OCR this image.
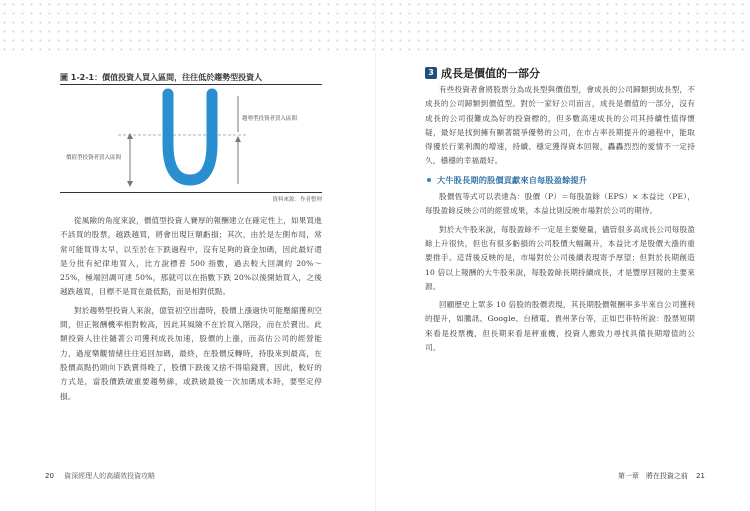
圖 1-2-1：價值投資人買入區間，往往低於趨勢型投資人
趨勢型投資者買入區間
價值型投資者買入區間
資料來源：作者整理

從風險的角度來說，價值型投資人賽厚的報酬建立在確定性上，如果買進不該買的股票，越跌越買，將會出現巨額虧損；其次，由於是左側布局，常常可能買得太早，以至於在下跌過程中，沒有足夠的資金加碼，因此最好還是分批有紀律地買入，比方說標普 500 指數，過去較大回調約 20%～ 25%，極端回調可達 50%，那就可以在指數下跌 20%以後開始買入，之後越跌越買，目標不是買在最低點，而是相對低點。

對於趨勢型投資人來說，億管初空出盡時，股價上漲過快可能壓縮獲利空間，但正報酬機率相對較高，因此其風險不在於買入階段，而在於賣出。此類投資人往往隨著公司獲利成長加速，股價的上漲，而高估公司的經營能力，過度樂觀情緒往往追回加碼，最終，在股價反轉時，持股來到最高，在股價高點扔頭向下跌賣得晚了，股價下跌後又捨不得賠錢賣，因此，較好的方式是，當股價跌破重要趨勢線，或跌破最後一次加碼成本時，要堅定停損。

20 資深經理人的高績效投資攻略
3 成長是價值的一部分

有些投資者會將股票分為成長型與價值型，會成長的公司歸類到成長型，不成長的公司歸類到價值型。對於一家好公司而言，成長是價值的一部分，沒有成長的公司很難成為好的投資標的，但多數高速成長的公司其持續性值得懷疑，最好是找到擁有顯著競爭優勢的公司，在市占率長期提升的過程中，能取得優於行業利潤的增速，持續、穩定獲得資本回報，轟轟烈烈的愛情不一定持久，穩穩的幸福最好。

大牛股長期的股價貢獻來自每股盈餘提升

股價恆等式可以表達為：股價（P）＝每股盈餘（EPS）× 本益比（PE），每股盈餘反映公司的經營成果，本益比則反映市場對於公司的期待。

對於大牛股來說，每股盈餘不一定是主要變量，儘管很多高成長公司每股盈餘上升很快，但也有很多虧損的公司股價大幅飆升，本益比才是股價大漲的重要推手。這背後反映的是，市場對於公司後續表現寄予厚望；但對於長期創造 10 倍以上報酬的大牛股來說，每股盈餘長期持續成長，才是豐厚回報的主要來源。

回顧歷史上眾多 10 倍股的股價表現，其長期股價報酬率多半來自公司獲利的提升，如騰訊、Google、台積電、貴州茅台等，正如巴菲特所說：股票短期來看是投票機，但長期來看是秤重機，投資人應致力尋找具備長期增值的公司。

第一章　將在投資之前 21
